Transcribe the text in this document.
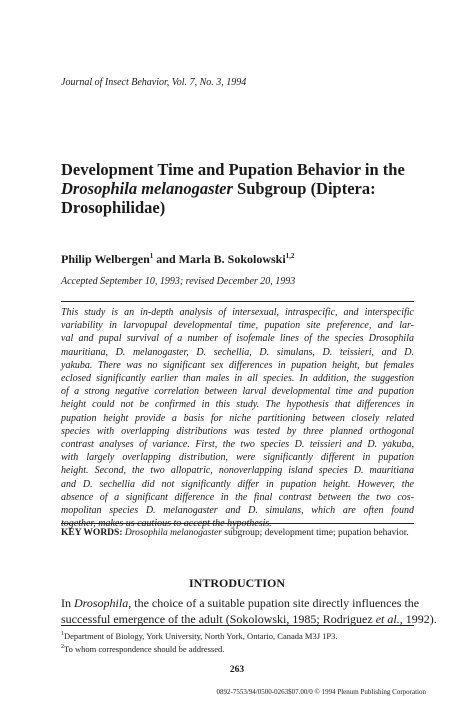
Journal of Insect Behavior, Vol. 7, No. 3, 1994
Development Time and Pupation Behavior in the
Drosophila melanogaster Subgroup (Diptera:
Drosophilidae)
Philip Welbergen$^1$ and Marla B. Sokolowski$^{1,2}$
Accepted September 10, 1993; revised December 20, 1993
This study is an in-depth analysis of intersexual, intraspecific, and interspecific
variability in larvopupal developmental time, pupation site preference, and lar-
val and pupal survival of a number of isofemale lines of the species Drosophila
mauritiana, D. melanogaster, D. sechellia, D. simulans, D. teissieri, and D.
yakuba. There was no significant sex differences in pupation height, but females
eclosed significantly earlier than males in all species. In addition, the suggestion
of a strong negative correlation between larval developmental time and pupation
height could not be confirmed in this study. The hypothesis that differences in
pupation height provide a basis for niche partitioning between closely related
species with overlapping distributions was tested by three planned orthogonal
contrast analyses of variance. First, the two species D. teissieri and D. yakuba,
with largely overlapping distribution, were significantly different in pupation
height. Second, the two allopatric, nonoverlapping island species D. mauritiana
and D. sechellia did not significantly differ in pupation height. However, the
absence of a significant difference in the final contrast between the two cos-
mopolitan species D. melanogaster and D. simulans, which are often found
together, makes us cautious to accept the hypothesis.
KEY WORDS: Drosophila melanogaster subgroup; development time; pupation behavior.
INTRODUCTION
In Drosophila, the choice of a suitable pupation site directly influences the
successful emergence of the adult (Sokolowski, 1985; Rodriguez et al., 1992).
$^1$Department of Biology, York University, North York, Ontario, Canada M3J 1P3.
$^2$To whom correspondence should be addressed.
263
0892-7553/94/0500-0263$07.00/0 © 1994 Plenum Publishing Corporation
